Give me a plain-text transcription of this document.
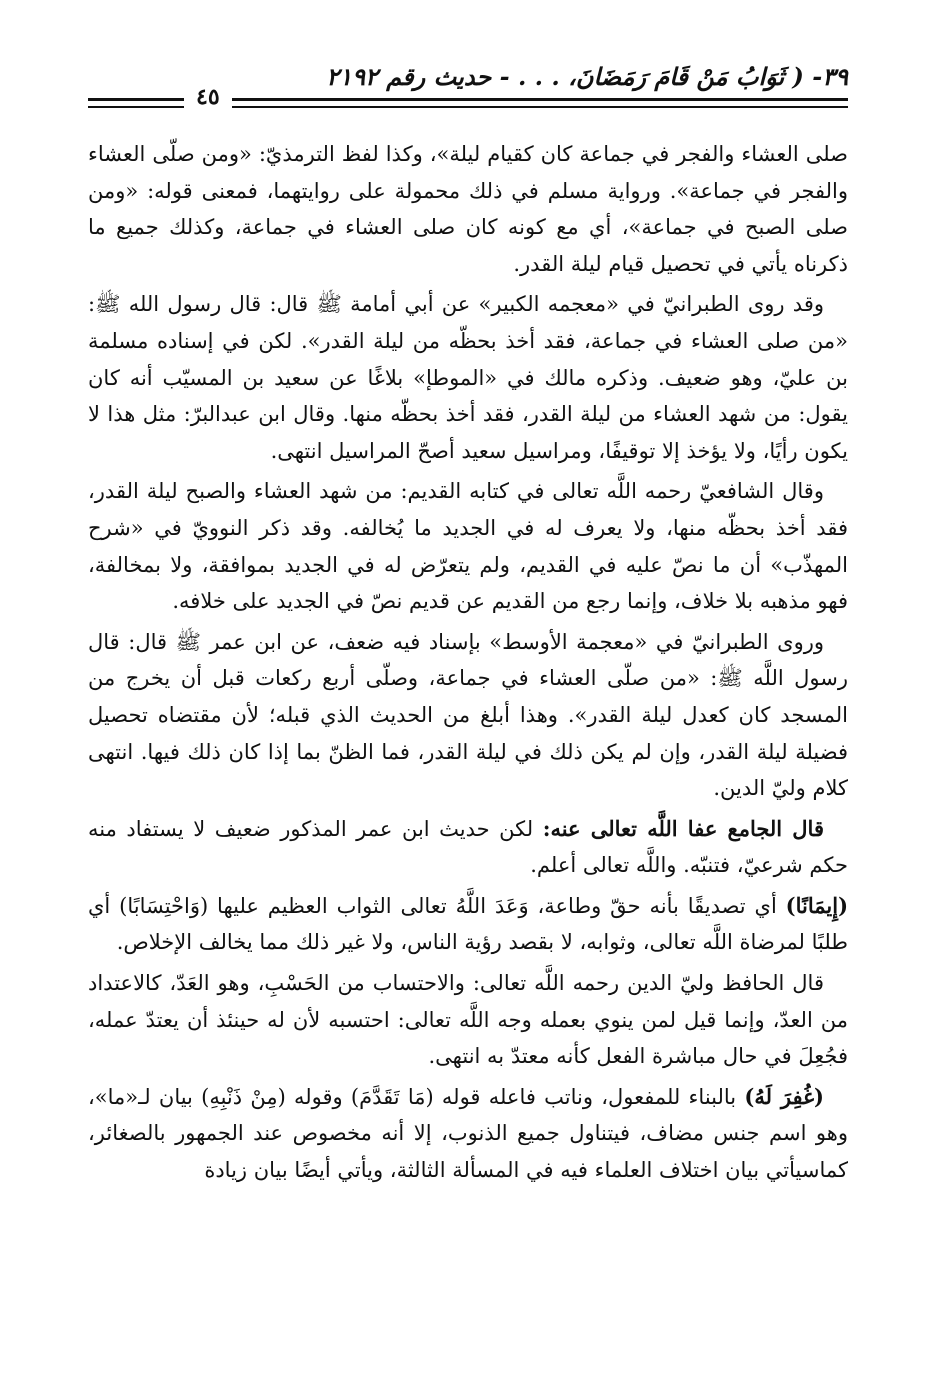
٣٩- ( ثَوَابُ مَنْ قَامَ رَمَضَانَ، . . . - حديث رقم ٢١٩٢
٤٥

صلى العشاء والفجر في جماعة كان كقيام ليلة»، وكذا لفظ الترمذيّ: «ومن صلّى العشاء والفجر في جماعة». ورواية مسلم في ذلك محمولة على روايتهما، فمعنى قوله: «ومن صلى الصبح في جماعة»، أي مع كونه كان صلى العشاء في جماعة، وكذلك جميع ما ذكرناه يأتي في تحصيل قيام ليلة القدر.

وقد روى الطبرانيّ في «معجمه الكبير» عن أبي أمامة ﷺ قال: قال رسول الله ﷺ: «من صلى العشاء في جماعة، فقد أخذ بحظّه من ليلة القدر». لكن في إسناده مسلمة بن عليّ، وهو ضعيف. وذكره مالك في «الموطإ» بلاغًا عن سعيد بن المسيّب أنه كان يقول: من شهد العشاء من ليلة القدر، فقد أخذ بحظّه منها. وقال ابن عبدالبرّ: مثل هذا لا يكون رأيًا، ولا يؤخذ إلا توقيفًا، ومراسيل سعيد أصحّ المراسيل انتهى.

وقال الشافعيّ رحمه اللَّه تعالى في كتابه القديم: من شهد العشاء والصبح ليلة القدر، فقد أخذ بحظّه منها، ولا يعرف له في الجديد ما يُخالفه. وقد ذكر النوويّ في «شرح المهذّب» أن ما نصّ عليه في القديم، ولم يتعرّض له في الجديد بموافقة، ولا بمخالفة، فهو مذهبه بلا خلاف، وإنما رجع من القديم عن قديم نصّ في الجديد على خلافه.

وروى الطبرانيّ في «معجمة الأوسط» بإسناد فيه ضعف، عن ابن عمر ﷺ قال: قال رسول اللَّه ﷺ: «من صلّى العشاء في جماعة، وصلّى أربع ركعات قبل أن يخرج من المسجد كان كعدل ليلة القدر». وهذا أبلغ من الحديث الذي قبله؛ لأن مقتضاه تحصيل فضيلة ليلة القدر، وإن لم يكن ذلك في ليلة القدر، فما الظنّ بما إذا كان ذلك فيها. انتهى كلام وليّ الدين.

قال الجامع عفا اللَّه تعالى عنه: لكن حديث ابن عمر المذكور ضعيف لا يستفاد منه حكم شرعيّ، فتنبّه. واللَّه تعالى أعلم.

(إِيمَانًا) أي تصديقًا بأنه حقّ وطاعة، وَعَدَ اللَّهُ تعالى الثواب العظيم عليها (وَاحْتِسَابًا) أي طلبًا لمرضاة اللَّه تعالى، وثوابه، لا بقصد رؤية الناس، ولا غير ذلك مما يخالف الإخلاص.

قال الحافظ وليّ الدين رحمه اللَّه تعالى: والاحتساب من الحَسْبِ، وهو العَدّ، كالاعتداد من العدّ، وإنما قيل لمن ينوي بعمله وجه اللَّه تعالى: احتسبه لأن له حينئذ أن يعتدّ عمله، فجُعِلَ في حال مباشرة الفعل كأنه معتدّ به انتهى.

(غُفِرَ لَهُ) بالبناء للمفعول، وناتب فاعله قوله (مَا تَقَدَّمَ) وقوله (مِنْ ذَنْبِهِ) بيان لـ«ما»، وهو اسم جنس مضاف، فيتناول جميع الذنوب، إلا أنه مخصوص عند الجمهور بالصغائر، كماسيأتي بيان اختلاف العلماء فيه في المسألة الثالثة، ويأتي أيضًا بيان زيادة
